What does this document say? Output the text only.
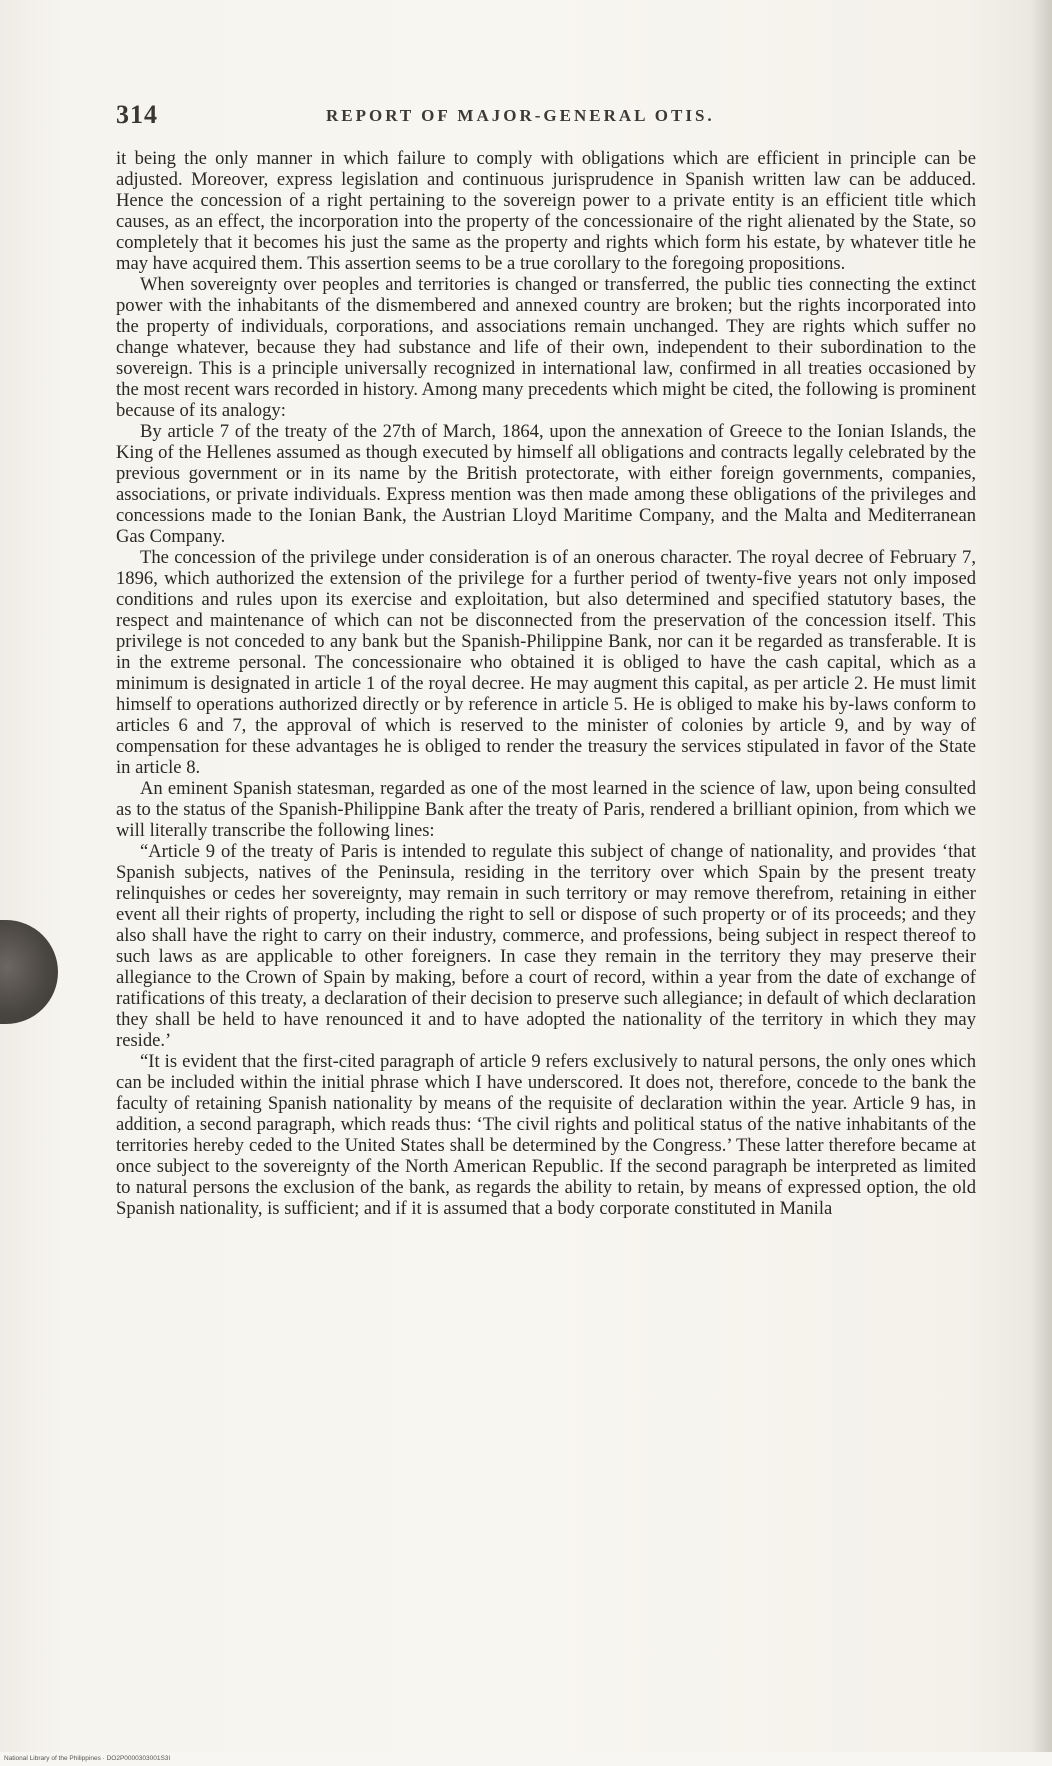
314	REPORT OF MAJOR-GENERAL OTIS.

it being the only manner in which failure to comply with obligations which are efficient in principle can be adjusted. Moreover, express legislation and continuous jurisprudence in Spanish written law can be adduced. Hence the concession of a right pertaining to the sovereign power to a private entity is an efficient title which causes, as an effect, the incorporation into the property of the concessionaire of the right alienated by the State, so completely that it becomes his just the same as the property and rights which form his estate, by whatever title he may have acquired them. This assertion seems to be a true corollary to the foregoing propositions.

When sovereignty over peoples and territories is changed or transferred, the public ties connecting the extinct power with the inhabitants of the dismembered and annexed country are broken; but the rights incorporated into the property of individuals, corporations, and associations remain unchanged. They are rights which suffer no change whatever, because they had substance and life of their own, independent to their subordination to the sovereign. This is a principle universally recognized in international law, confirmed in all treaties occasioned by the most recent wars recorded in history. Among many precedents which might be cited, the following is prominent because of its analogy:

By article 7 of the treaty of the 27th of March, 1864, upon the annexation of Greece to the Ionian Islands, the King of the Hellenes assumed as though executed by himself all obligations and contracts legally celebrated by the previous government or in its name by the British protectorate, with either foreign governments, companies, associations, or private individuals. Express mention was then made among these obligations of the privileges and concessions made to the Ionian Bank, the Austrian Lloyd Maritime Company, and the Malta and Mediterranean Gas Company.

The concession of the privilege under consideration is of an onerous character. The royal decree of February 7, 1896, which authorized the extension of the privilege for a further period of twenty-five years not only imposed conditions and rules upon its exercise and exploitation, but also determined and specified statutory bases, the respect and maintenance of which can not be disconnected from the preservation of the concession itself. This privilege is not conceded to any bank but the Spanish-Philippine Bank, nor can it be regarded as transferable. It is in the extreme personal. The concessionaire who obtained it is obliged to have the cash capital, which as a minimum is designated in article 1 of the royal decree. He may augment this capital, as per article 2. He must limit himself to operations authorized directly or by reference in article 5. He is obliged to make his by-laws conform to articles 6 and 7, the approval of which is reserved to the minister of colonies by article 9, and by way of compensation for these advantages he is obliged to render the treasury the services stipulated in favor of the State in article 8.

An eminent Spanish statesman, regarded as one of the most learned in the science of law, upon being consulted as to the status of the Spanish-Philippine Bank after the treaty of Paris, rendered a brilliant opinion, from which we will literally transcribe the following lines:

“Article 9 of the treaty of Paris is intended to regulate this subject of change of nationality, and provides ‘that Spanish subjects, natives of the Peninsula, residing in the territory over which Spain by the present treaty relinquishes or cedes her sovereignty, may remain in such territory or may remove therefrom, retaining in either event all their rights of property, including the right to sell or dispose of such property or of its proceeds; and they also shall have the right to carry on their industry, commerce, and professions, being subject in respect thereof to such laws as are applicable to other foreigners. In case they remain in the territory they may preserve their allegiance to the Crown of Spain by making, before a court of record, within a year from the date of exchange of ratifications of this treaty, a declaration of their decision to preserve such allegiance; in default of which declaration they shall be held to have renounced it and to have adopted the nationality of the territory in which they may reside.’

“It is evident that the first-cited paragraph of article 9 refers exclusively to natural persons, the only ones which can be included within the initial phrase which I have underscored. It does not, therefore, concede to the bank the faculty of retaining Spanish nationality by means of the requisite of declaration within the year. Article 9 has, in addition, a second paragraph, which reads thus: ‘The civil rights and political status of the native inhabitants of the territories hereby ceded to the United States shall be determined by the Congress.’ These latter therefore became at once subject to the sovereignty of the North American Republic. If the second paragraph be interpreted as limited to natural persons the exclusion of the bank, as regards the ability to retain, by means of expressed option, the old Spanish nationality, is sufficient; and if it is assumed that a body corporate constituted in Manila

National Library of the Philippines · DO2P0000303001S3I
